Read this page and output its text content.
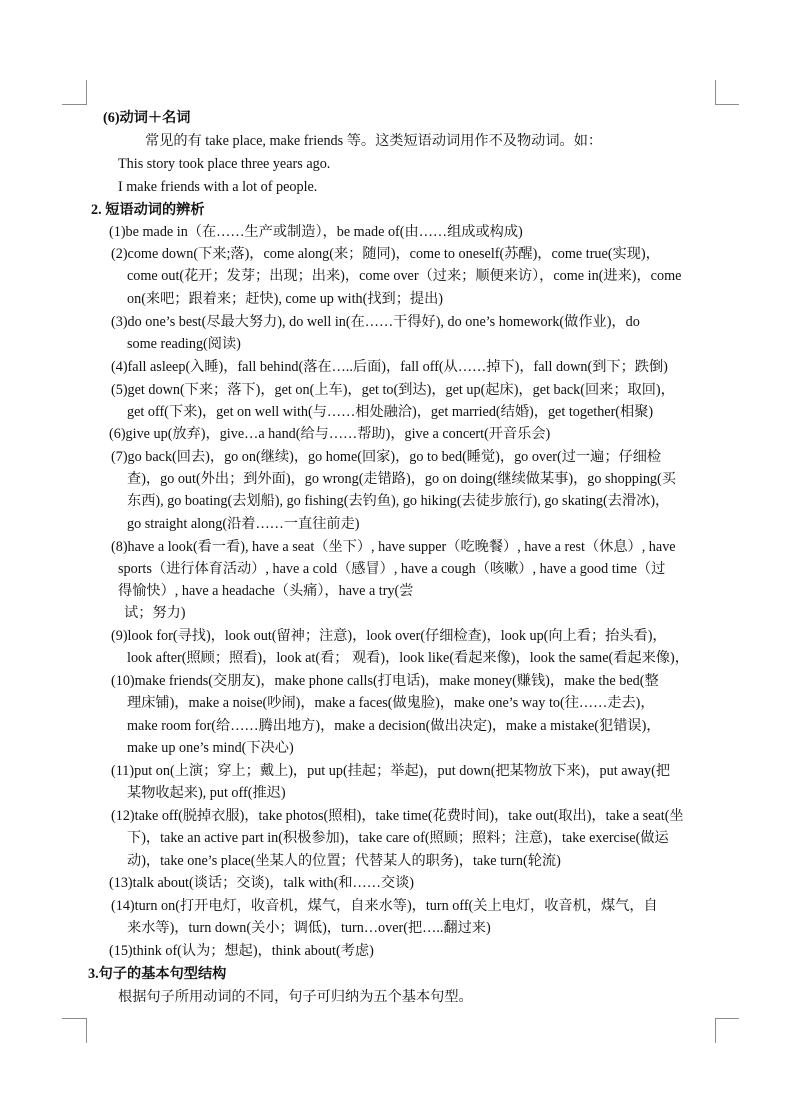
(6)动词＋名词
常见的有 take place, make friends 等。这类短语动词用作不及物动词。如：
This story took place three years ago.
I make friends with a lot of people.
2. 短语动词的辨析
(1)be made in（在……生产或制造），be made of(由……组成或构成)
(2)come down(下来;落)，come along(来；随同)，come to oneself(苏醒)，come true(实现)，
come out(花开；发芽；出现；出来)，come over（过来；顺便来访），come in(进来)，come
on(来吧；跟着来；赶快), come up with(找到；提出)
(3)do one’s best(尽最大努力), do well in(在……干得好), do one’s homework(做作业)，do
some reading(阅读)
(4)fall asleep(入睡)，fall behind(落在…..后面)，fall off(从……掉下)，fall down(到下；跌倒)
(5)get down(下来；落下)，get on(上车)，get to(到达)，get up(起床)，get back(回来；取回)，
get off(下来)，get on well with(与……相处融洽)，get married(结婚)，get together(相聚)
(6)give up(放弃)，give…a hand(给与……帮助)，give a concert(开音乐会)
(7)go back(回去)，go on(继续)，go home(回家)，go to bed(睡觉)，go over(过一遍；仔细检
查)，go out(外出；到外面)，go wrong(走错路)，go on doing(继续做某事)，go shopping(买
东西), go boating(去划船), go fishing(去钓鱼), go hiking(去徒步旅行), go skating(去滑冰)，
go straight along(沿着……一直往前走)
(8)have a look(看一看), have a seat（坐下）, have supper（吃晚餐）, have a rest（休息）, have
sports（进行体育活动）, have a cold（感冒）, have a cough（咳嗽）, have a good time（过
得愉快）, have a headache（头痛），have a try(尝
试；努力)
(9)look for(寻找)，look out(留神；注意)，look over(仔细检查)，look up(向上看；抬头看)，
look after(照顾；照看)，look at(看； 观看)，look like(看起来像)，look the same(看起来像)，
(10)make friends(交朋友)，make phone calls(打电话)，make money(赚钱)，make the bed(整
理床铺)，make a noise(吵闹)，make a faces(做鬼脸)，make one’s way to(往……走去)，
make room for(给……腾出地方)，make a decision(做出决定)，make a mistake(犯错误)，
make up one’s mind(下决心)
(11)put on(上演；穿上；戴上)，put up(挂起；举起)，put down(把某物放下来)，put away(把
某物收起来), put off(推迟)
(12)take off(脱掉衣服)，take photos(照相)，take time(花费时间)，take out(取出)，take a seat(坐
下)，take an active part in(积极参加)，take care of(照顾；照料；注意)，take exercise(做运
动)，take one’s place(坐某人的位置；代替某人的职务)，take turn(轮流)
(13)talk about(谈话；交谈)，talk with(和……交谈)
(14)turn on(打开电灯，收音机，煤气，自来水等)，turn off(关上电灯，收音机，煤气，自
来水等)，turn down(关小；调低)，turn…over(把…..翻过来)
(15)think of(认为；想起)，think about(考虑)
3.句子的基本句型结构
根据句子所用动词的不同，句子可归纳为五个基本句型。
